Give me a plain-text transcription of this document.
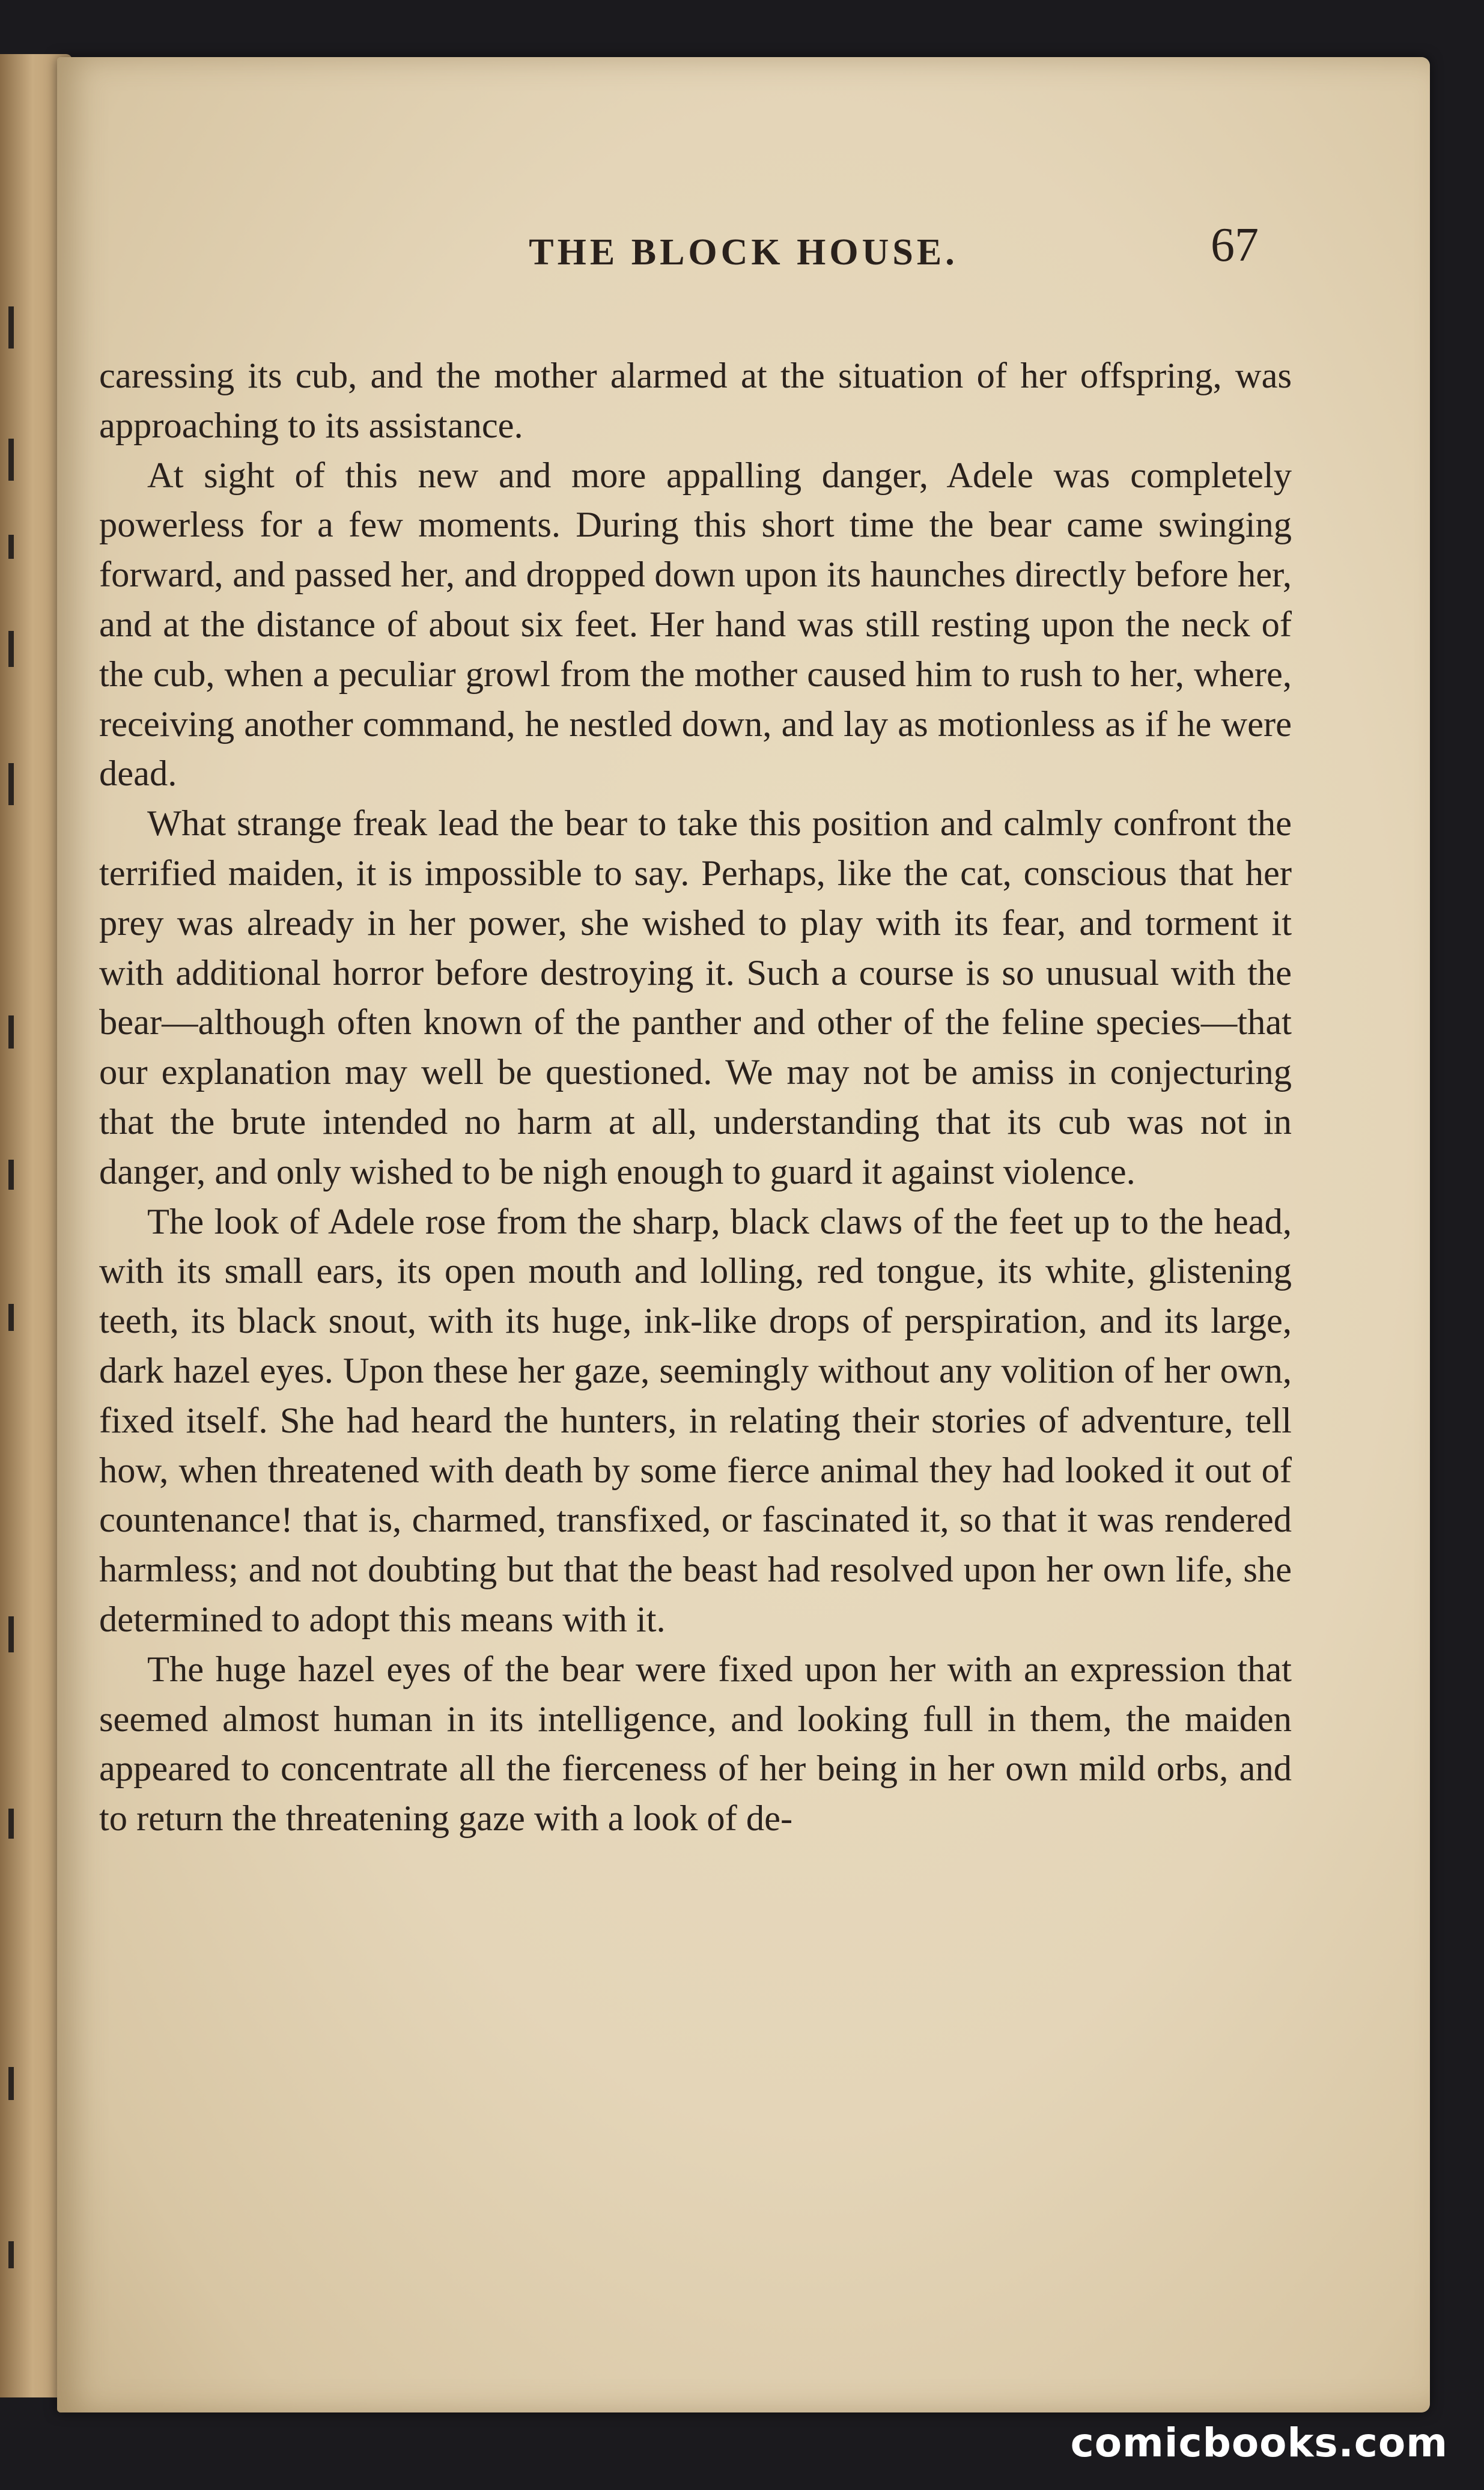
THE BLOCK HOUSE.	67

caressing its cub, and the mother alarmed at the situation of her offspring, was approaching to its assistance.

At sight of this new and more appalling danger, Adele was completely powerless for a few moments. During this short time the bear came swinging forward, and passed her, and dropped down upon its haunches directly before her, and at the distance of about six feet. Her hand was still resting upon the neck of the cub, when a peculiar growl from the mother caused him to rush to her, where, receiving another command, he nestled down, and lay as motionless as if he were dead.

What strange freak lead the bear to take this position and calmly confront the terrified maiden, it is impossible to say. Perhaps, like the cat, conscious that her prey was already in her power, she wished to play with its fear, and torment it with additional horror before destroying it. Such a course is so unusual with the bear—although often known of the panther and other of the feline species—that our explanation may well be questioned. We may not be amiss in conjecturing that the brute intended no harm at all, understanding that its cub was not in danger, and only wished to be nigh enough to guard it against violence.

The look of Adele rose from the sharp, black claws of the feet up to the head, with its small ears, its open mouth and lolling, red tongue, its white, glistening teeth, its black snout, with its huge, ink-like drops of perspiration, and its large, dark hazel eyes. Upon these her gaze, seemingly without any volition of her own, fixed itself. She had heard the hunters, in relating their stories of adventure, tell how, when threatened with death by some fierce animal they had looked it out of countenance! that is, charmed, transfixed, or fascinated it, so that it was rendered harmless; and not doubting but that the beast had resolved upon her own life, she determined to adopt this means with it.

The huge hazel eyes of the bear were fixed upon her with an expression that seemed almost human in its intelligence, and looking full in them, the maiden appeared to concentrate all the fierceness of her being in her own mild orbs, and to return the threatening gaze with a look of de-

comicbooks.com
